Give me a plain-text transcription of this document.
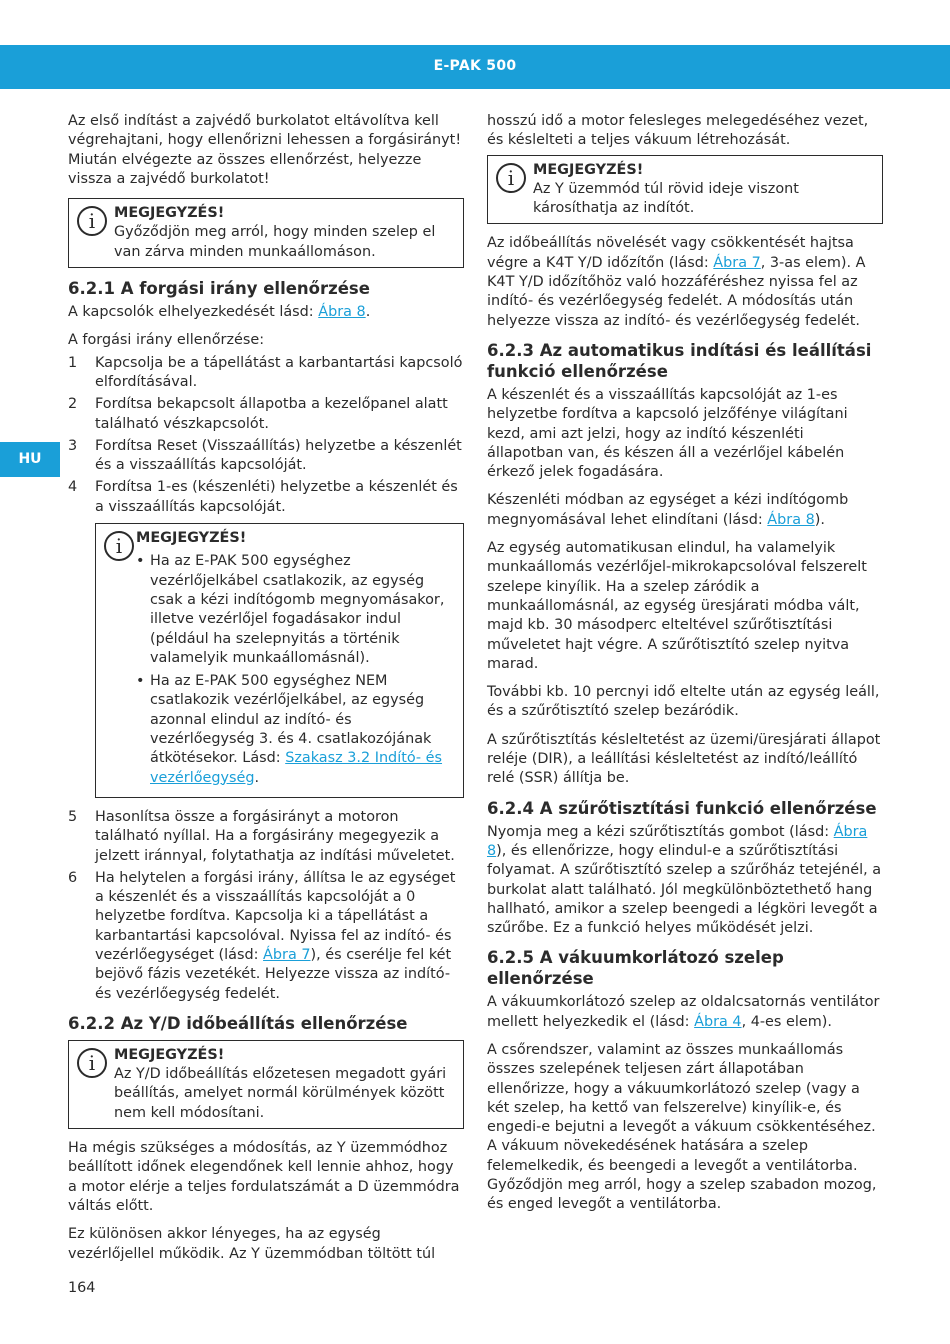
E-PAK 500
HU

Az első indítást a zajvédő burkolatot eltávolítva kell végrehajtani, hogy ellenőrizni lehessen a forgásirányt! Miután elvégezte az összes ellenőrzést, helyezze vissza a zajvédő burkolatot!

i	MEGJEGYZÉS!
Győződjön meg arról, hogy minden szelep el van zárva minden munkaállomáson.
6.2.1 A forgási irány ellenőrzése

A kapcsolók elhelyezkedését lásd: Ábra 8.

A forgási irány ellenőrzése:

1 Kapcsolja be a tápellátást a karbantartási kapcsoló elfordításával.
2 Fordítsa bekapcsolt állapotba a kezelőpanel alatt található vészkapcsolót.
3 Fordítsa Reset (Visszaállítás) helyzetbe a készenlét és a visszaállítás kapcsolóját.
4 Fordítsa 1-es (készenléti) helyzetbe a készenlét és a visszaállítás kapcsolóját.
i MEGJEGYZÉS!
• Ha az E-PAK 500 egységhez vezérlőjelkábel csatlakozik, az egység csak a kézi indítógomb megnyomásakor, illetve vezérlőjel fogadásakor indul (például ha szelepnyitás a történik valamelyik munkaállomásnál).
• Ha az E-PAK 500 egységhez NEM csatlakozik vezérlőjelkábel, az egység azonnal elindul az indító- és vezérlőegység 3. és 4. csatlakozójának átkötésekor. Lásd: Szakasz 3.2 Indító- és vezérlőegység.
5 Hasonlítsa össze a forgásirányt a motoron található nyíllal. Ha a forgásirány megegyezik a jelzett iránnyal, folytathatja az indítási műveletet.
6 Ha helytelen a forgási irány, állítsa le az egységet a készenlét és a visszaállítás kapcsolóját a 0 helyzetbe fordítva. Kapcsolja ki a tápellátást a karbantartási kapcsolóval. Nyissa fel az indító- és vezérlőegységet (lásd: Ábra 7), és cserélje fel két bejövő fázis vezetékét. Helyezze vissza az indító- és vezérlőegység fedelét.
6.2.2 Az Y/D időbeállítás ellenőrzése
i	MEGJEGYZÉS!
Az Y/D időbeállítás előzetesen megadott gyári beállítás, amelyet normál körülmények között nem kell módosítani.

Ha mégis szükséges a módosítás, az Y üzemmódhoz beállított időnek elegendőnek kell lennie ahhoz, hogy a motor elérje a teljes fordulatszámát a D üzemmódra váltás előtt.

Ez különösen akkor lényeges, ha az egység vezérlőjellel működik. Az Y üzemmódban töltött túl

hosszú idő a motor felesleges melegedéséhez vezet, és késlelteti a teljes vákuum létrehozását.

i	MEGJEGYZÉS!
Az Y üzemmód túl rövid ideje viszont károsíthatja az indítót.

Az időbeállítás növelését vagy csökkentését hajtsa végre a K4T Y/D időzítőn (lásd: Ábra 7, 3-as elem). A K4T Y/D időzítőhöz való hozzáféréshez nyissa fel az indító- és vezérlőegység fedelét. A módosítás után helyezze vissza az indító- és vezérlőegység fedelét.

6.2.3 Az automatikus indítási és leállítási funkció ellenőrzése

A készenlét és a visszaállítás kapcsolóját az 1-es helyzetbe fordítva a kapcsoló jelzőfénye világítani kezd, ami azt jelzi, hogy az indító készenléti állapotban van, és készen áll a vezérlőjel kábelén érkező jelek fogadására.

Készenléti módban az egységet a kézi indítógomb megnyomásával lehet elindítani (lásd: Ábra 8).

Az egység automatikusan elindul, ha valamelyik munkaállomás vezérlőjel-mikrokapcsolóval felszerelt szelepe kinyílik. Ha a szelep záródik a munkaállomásnál, az egység üresjárati módba vált, majd kb. 30 másodperc elteltével szűrőtisztítási műveletet hajt végre. A szűrőtisztító szelep nyitva marad.

További kb. 10 percnyi idő eltelte után az egység leáll, és a szűrőtisztító szelep bezáródik.

A szűrőtisztítás késleltetést az üzemi/üresjárati állapot reléje (DIR), a leállítási késleltetést az indító/leállító relé (SSR) állítja be.

6.2.4 A szűrőtisztítási funkció ellenőrzése

Nyomja meg a kézi szűrőtisztítás gombot (lásd: Ábra 8), és ellenőrizze, hogy elindul-e a szűrőtisztítási folyamat. A szűrőtisztító szelep a szűrőház tetejénél, a burkolat alatt található. Jól megkülönböztethető hang hallható, amikor a szelep beengedi a légköri levegőt a szűrőbe. Ez a funkció helyes működését jelzi.

6.2.5 A vákuumkorlátozó szelep ellenőrzése

A vákuumkorlátozó szelep az oldalcsatornás ventilátor mellett helyezkedik el (lásd: Ábra 4, 4-es elem).

A csőrendszer, valamint az összes munkaállomás összes szelepének teljesen zárt állapotában ellenőrizze, hogy a vákuumkorlátozó szelep (vagy a két szelep, ha kettő van felszerelve) kinyílik-e, és engedi-e bejutni a levegőt a vákuum csökkentéséhez. A vákuum növekedésének hatására a szelep felemelkedik, és beengedi a levegőt a ventilátorba. Győződjön meg arról, hogy a szelep szabadon mozog, és enged levegőt a ventilátorba.

164
